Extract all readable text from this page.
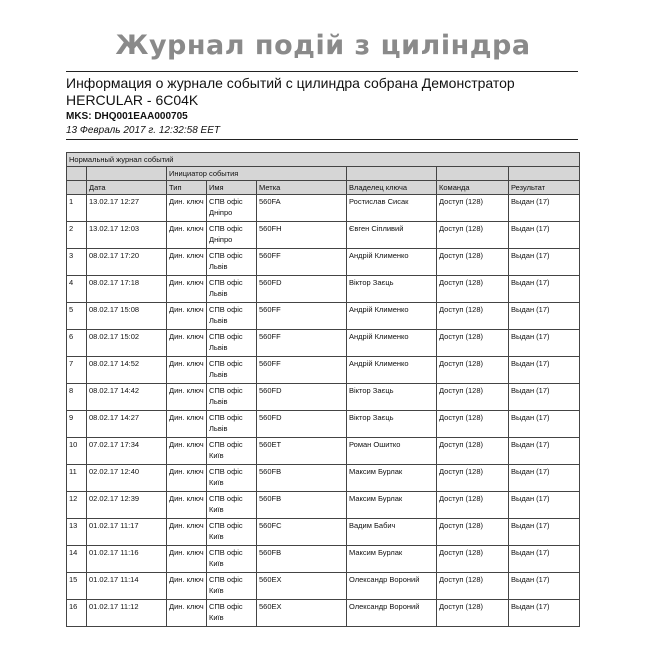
Журнал подій з циліндра
Информация о журнале событий с цилиндра собрана Демонстратор HERCULAR - 6C04K
MKS: DHQ001EAA000705
13 Февраль 2017 г. 12:32:58 EET
Нормальный журнал событий							
		Инициатор события					
	Дата	Тип	Имя	Метка	Владелец ключа	Команда	Результат
1	13.02.17 12:27	Дин. ключ	СПВ офіс Дніпро	560FA	Ростислав Сисак	Доступ (128)	Выдан (17)
2	13.02.17 12:03	Дин. ключ	СПВ офіс Дніпро	560FH	Євген Сіпливий	Доступ (128)	Выдан (17)
3	08.02.17 17:20	Дин. ключ	СПВ офіс Львів	560FF	Андрій Клименко	Доступ (128)	Выдан (17)
4	08.02.17 17:18	Дин. ключ	СПВ офіс Львів	560FD	Віктор Заєць	Доступ (128)	Выдан (17)
5	08.02.17 15:08	Дин. ключ	СПВ офіс Львів	560FF	Андрій Клименко	Доступ (128)	Выдан (17)
6	08.02.17 15:02	Дин. ключ	СПВ офіс Львів	560FF	Андрій Клименко	Доступ (128)	Выдан (17)
7	08.02.17 14:52	Дин. ключ	СПВ офіс Львів	560FF	Андрій Клименко	Доступ (128)	Выдан (17)
8	08.02.17 14:42	Дин. ключ	СПВ офіс Львів	560FD	Віктор Заєць	Доступ (128)	Выдан (17)
9	08.02.17 14:27	Дин. ключ	СПВ офіс Львів	560FD	Віктор Заєць	Доступ (128)	Выдан (17)
10	07.02.17 17:34	Дин. ключ	СПВ офіс Київ	560ET	Роман Ошитко	Доступ (128)	Выдан (17)
11	02.02.17 12:40	Дин. ключ	СПВ офіс Київ	560FB	Максим Бурлак	Доступ (128)	Выдан (17)
12	02.02.17 12:39	Дин. ключ	СПВ офіс Київ	560FB	Максим Бурлак	Доступ (128)	Выдан (17)
13	01.02.17 11:17	Дин. ключ	СПВ офіс Київ	560FC	Вадим Бабич	Доступ (128)	Выдан (17)
14	01.02.17 11:16	Дин. ключ	СПВ офіс Київ	560FB	Максим Бурлак	Доступ (128)	Выдан (17)
15	01.02.17 11:14	Дин. ключ	СПВ офіс Київ	560EX	Олександр Вороний	Доступ (128)	Выдан (17)
16	01.02.17 11:12	Дин. ключ	СПВ офіс Київ	560EX	Олександр Вороний	Доступ (128)	Выдан (17)
